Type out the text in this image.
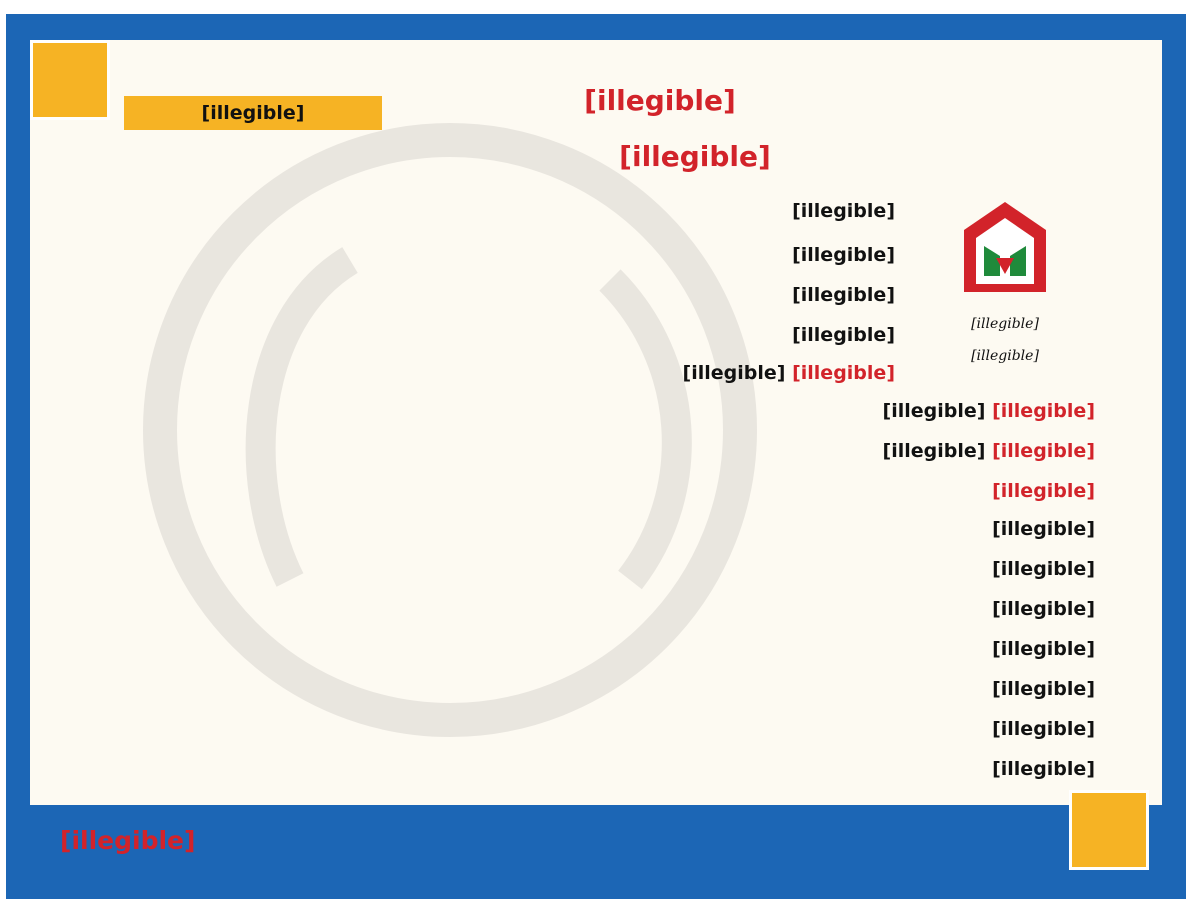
[illegible]	[illegible]
[illegible]
[illegible]
[illegible]
[illegible]
[illegible]
[illegible]
[illegible]
[illegible] [illegible]
[illegible] [illegible]
[illegible] [illegible]
[illegible]
[illegible]
[illegible]
[illegible]
[illegible]
[illegible]
[illegible]
[illegible]
[illegible]
